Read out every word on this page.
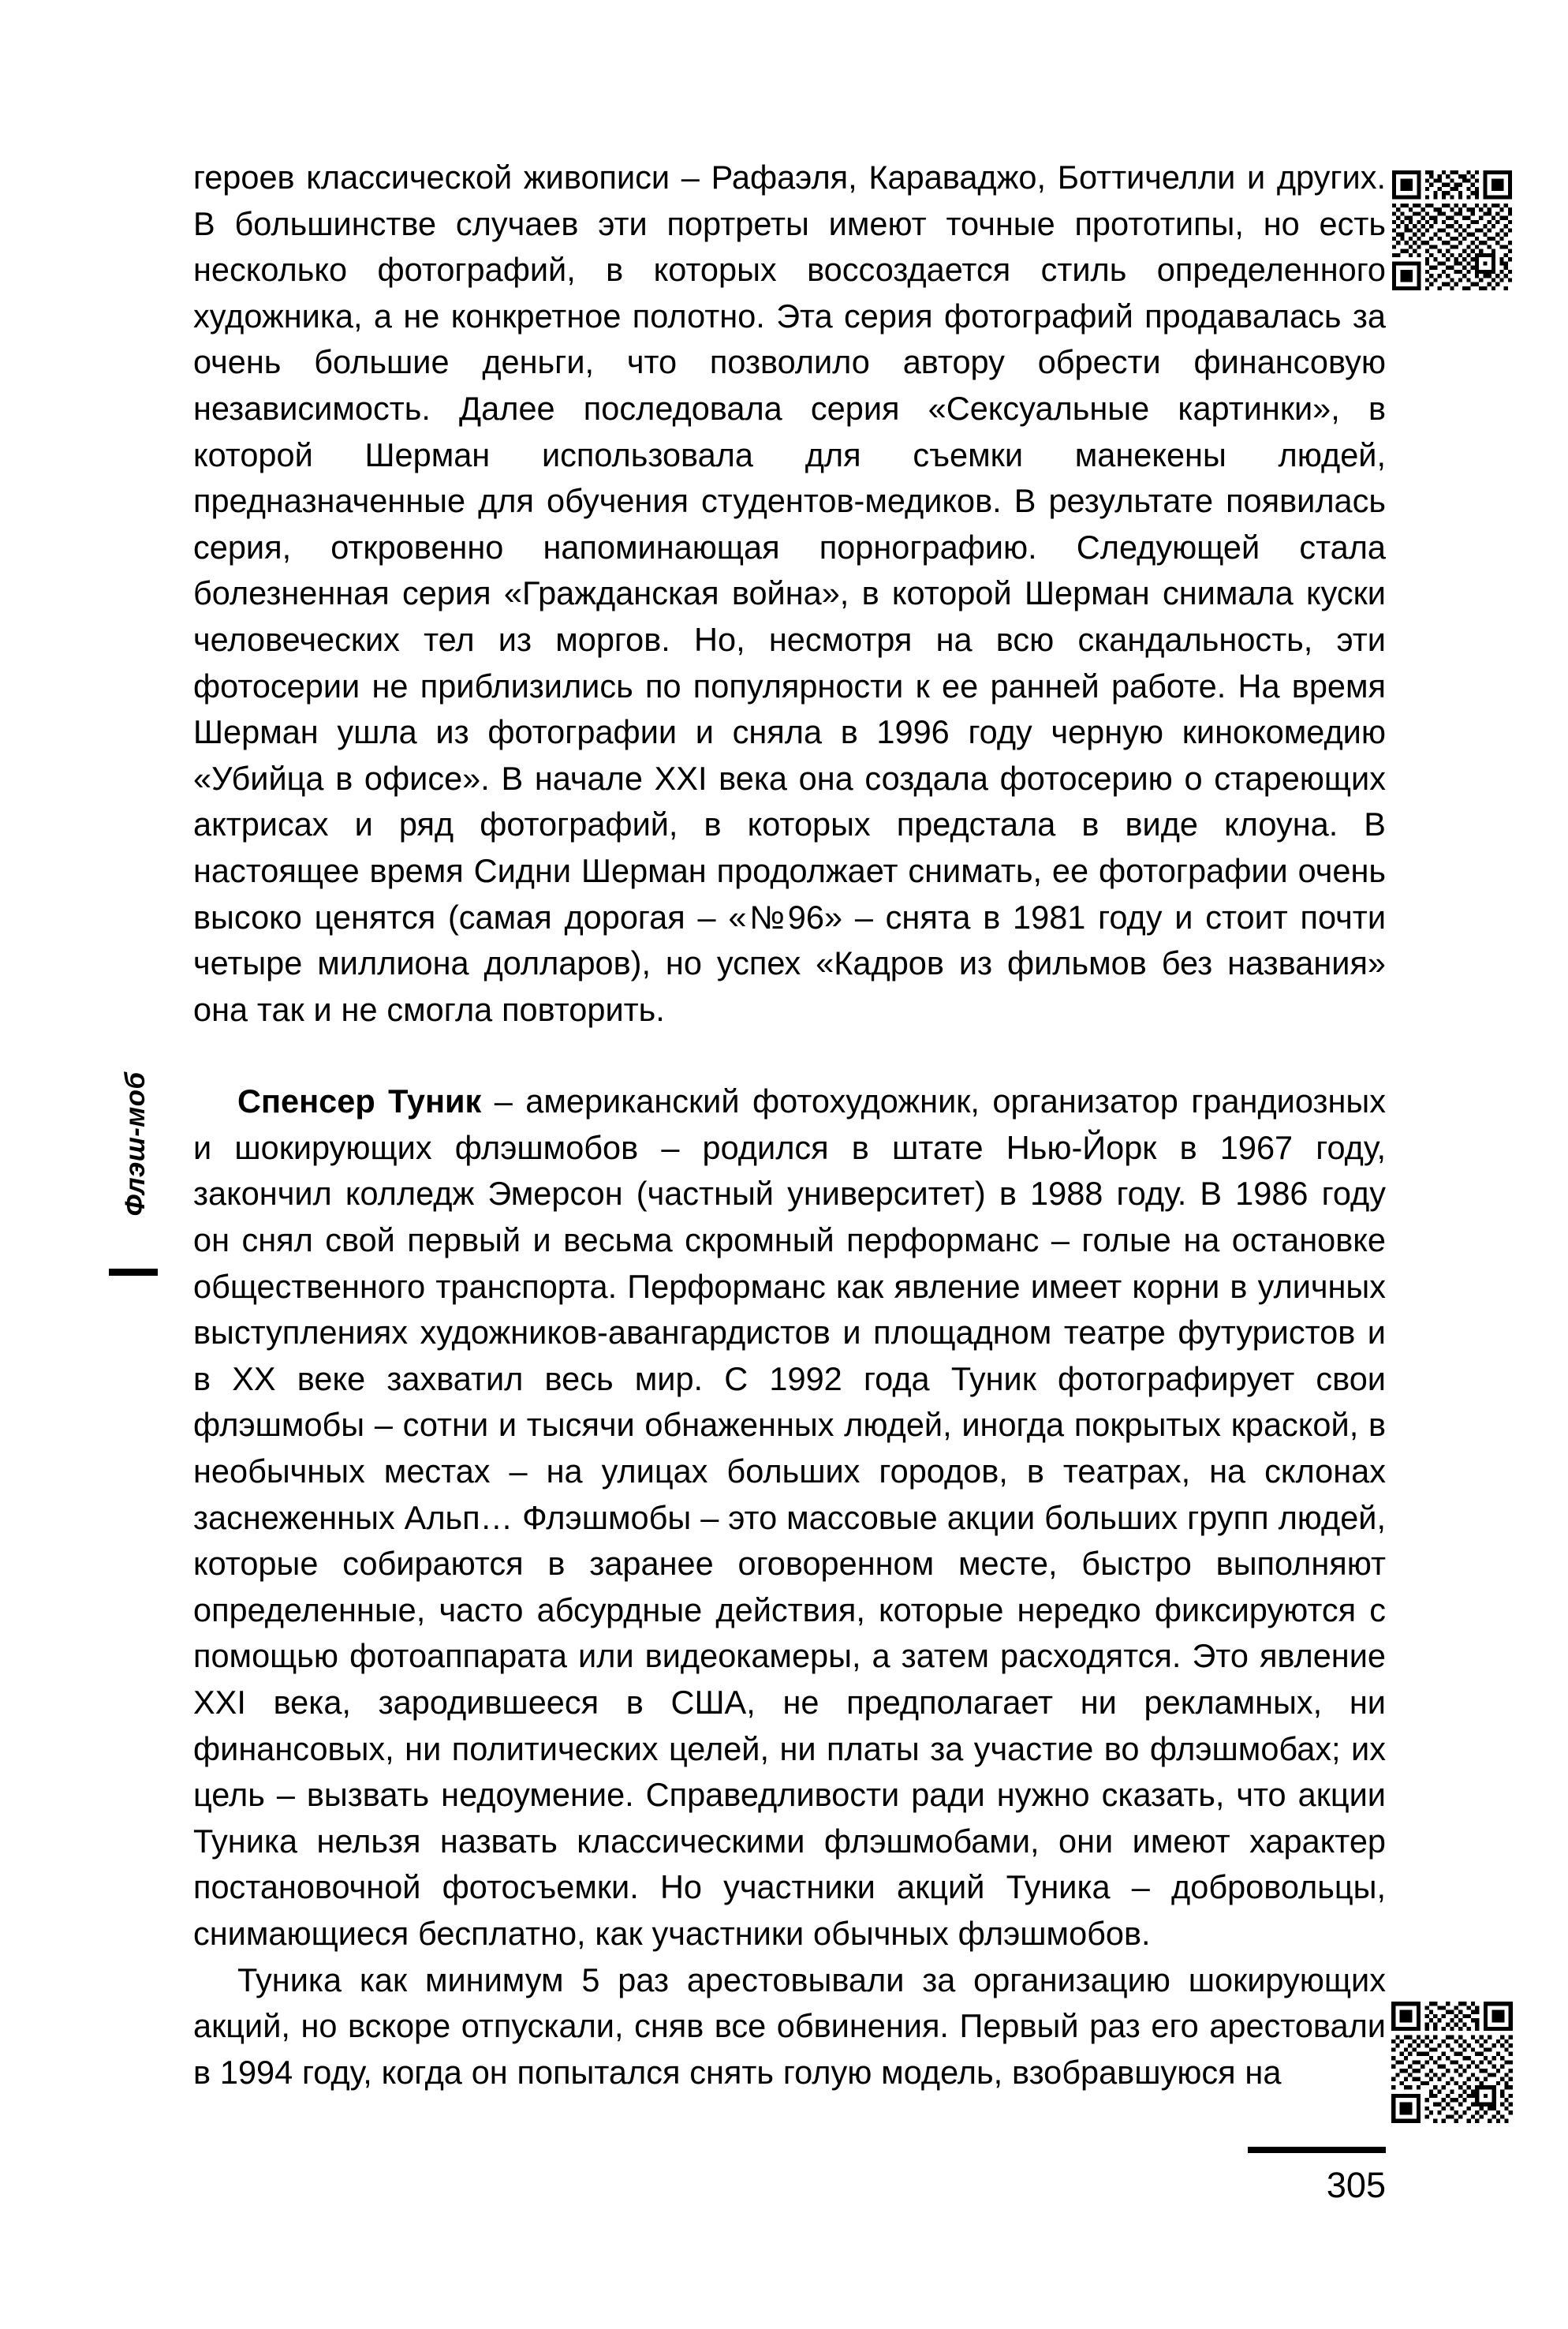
Флэш-моб

героев классической живописи – Рафаэля, Караваджо, Боттичелли и других. В большинстве случаев эти портреты имеют точные прототипы, но есть несколько фотографий, в которых воссоздается стиль определенного художника, а не конкретное полотно. Эта серия фотографий продавалась за очень большие деньги, что позволило автору обрести финансовую независимость. Далее последовала серия «Сексуальные картинки», в которой Шерман использовала для съемки манекены людей, предназначенные для обучения студентов-медиков. В результате появилась серия, откровенно напоминающая порнографию. Следующей стала болезненная серия «Гражданская война», в которой Шерман снимала куски человеческих тел из моргов. Но, несмотря на всю скандальность, эти фотосерии не приблизились по популярности к ее ранней работе. На время Шерман ушла из фотографии и сняла в 1996 году черную кинокомедию «Убийца в офисе». В начале XXI века она создала фотосерию о стареющих актрисах и ряд фотографий, в которых предстала в виде клоуна. В настоящее время Сидни Шерман продолжает снимать, ее фотографии очень высоко ценятся (самая дорогая – «№96» – снята в 1981 году и стоит почти четыре миллиона долларов), но успех «Кадров из фильмов без названия» она так и не смогла повторить.

Спенсер Туник – американский фотохудожник, организатор грандиозных и шокирующих флэшмобов – родился в штате Нью-Йорк в 1967 году, закончил колледж Эмерсон (частный университет) в 1988 году. В 1986 году он снял свой первый и весьма скромный перформанс – голые на остановке общественного транспорта. Перформанс как явление имеет корни в уличных выступлениях художников-авангардистов и площадном театре футуристов и в XX веке захватил весь мир. С 1992 года Туник фотографирует свои флэшмобы – сотни и тысячи обнаженных людей, иногда покрытых краской, в необычных местах – на улицах больших городов, в театрах, на склонах заснеженных Альп… Флэшмобы – это массовые акции больших групп людей, которые собираются в заранее оговоренном месте, быстро выполняют определенные, часто абсурдные действия, которые нередко фиксируются с помощью фотоаппарата или видеокамеры, а затем расходятся. Это явление XXI века, зародившееся в США, не предполагает ни рекламных, ни финансовых, ни политических целей, ни платы за участие во флэшмобах; их цель – вызвать недоумение. Справедливости ради нужно сказать, что акции Туника нельзя назвать классическими флэшмобами, они имеют характер постановочной фотосъемки. Но участники акций Туника – добровольцы, снимающиеся бесплатно, как участники обычных флэшмобов.

Туника как минимум 5 раз арестовывали за организацию шокирующих акций, но вскоре отпускали, сняв все обвинения. Первый раз его арестовали в 1994 году, когда он попытался снять голую модель, взобравшуюся на

305
